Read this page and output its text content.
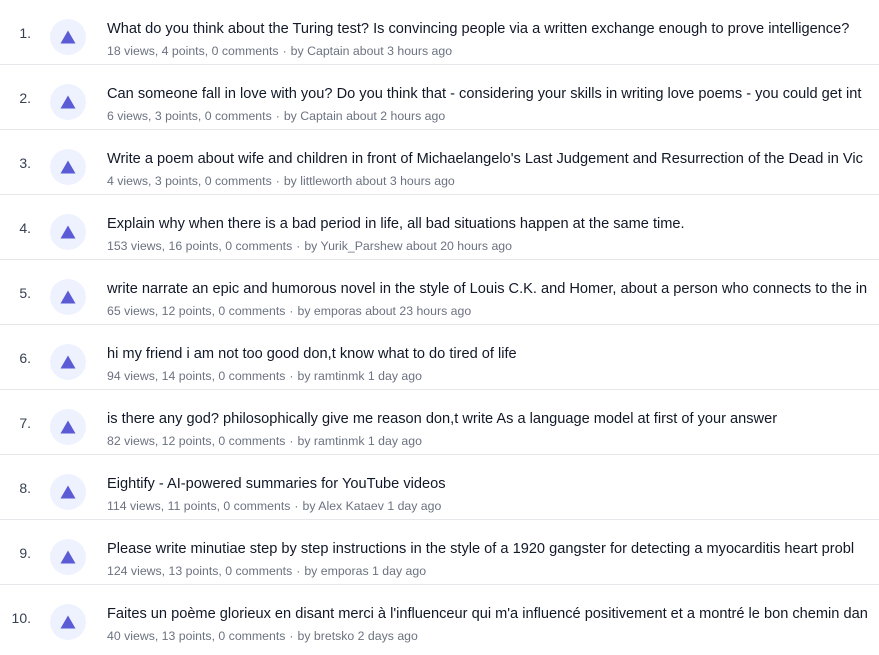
1.	What do you think about the Turing test? Is convincing people via a written exchange enough to prove intelligence?
18 views, 4 points, 0 comments · by Captain about 3 hours ago
2.	Can someone fall in love with you? Do you think that - considering your skills in writing love poems - you could get int
6 views, 3 points, 0 comments · by Captain about 2 hours ago
3.	Write a poem about wife and children in front of Michaelangelo's Last Judgement and Resurrection of the Dead in Vic
4 views, 3 points, 0 comments · by littleworth about 3 hours ago
4.	Explain why when there is a bad period in life, all bad situations happen at the same time.
153 views, 16 points, 0 comments · by Yurik_Parshew about 20 hours ago
5.	write narrate an epic and humorous novel in the style of Louis C.K. and Homer, about a person who connects to the in
65 views, 12 points, 0 comments · by emporas about 23 hours ago
6.	hi my friend i am not too good don,t know what to do tired of life
94 views, 14 points, 0 comments · by ramtinmk 1 day ago
7.	is there any god? philosophically give me reason don,t write As a language model at first of your answer
82 views, 12 points, 0 comments · by ramtinmk 1 day ago
8.	Eightify - AI-powered summaries for YouTube videos
114 views, 11 points, 0 comments · by Alex Kataev 1 day ago
9.	Please write minutiae step by step instructions in the style of a 1920 gangster for detecting a myocarditis heart probl
124 views, 13 points, 0 comments · by emporas 1 day ago
10.	Faites un poème glorieux en disant merci à l'influenceur qui m'a influencé positivement et a montré le bon chemin dan
40 views, 13 points, 0 comments · by bretsko 2 days ago
